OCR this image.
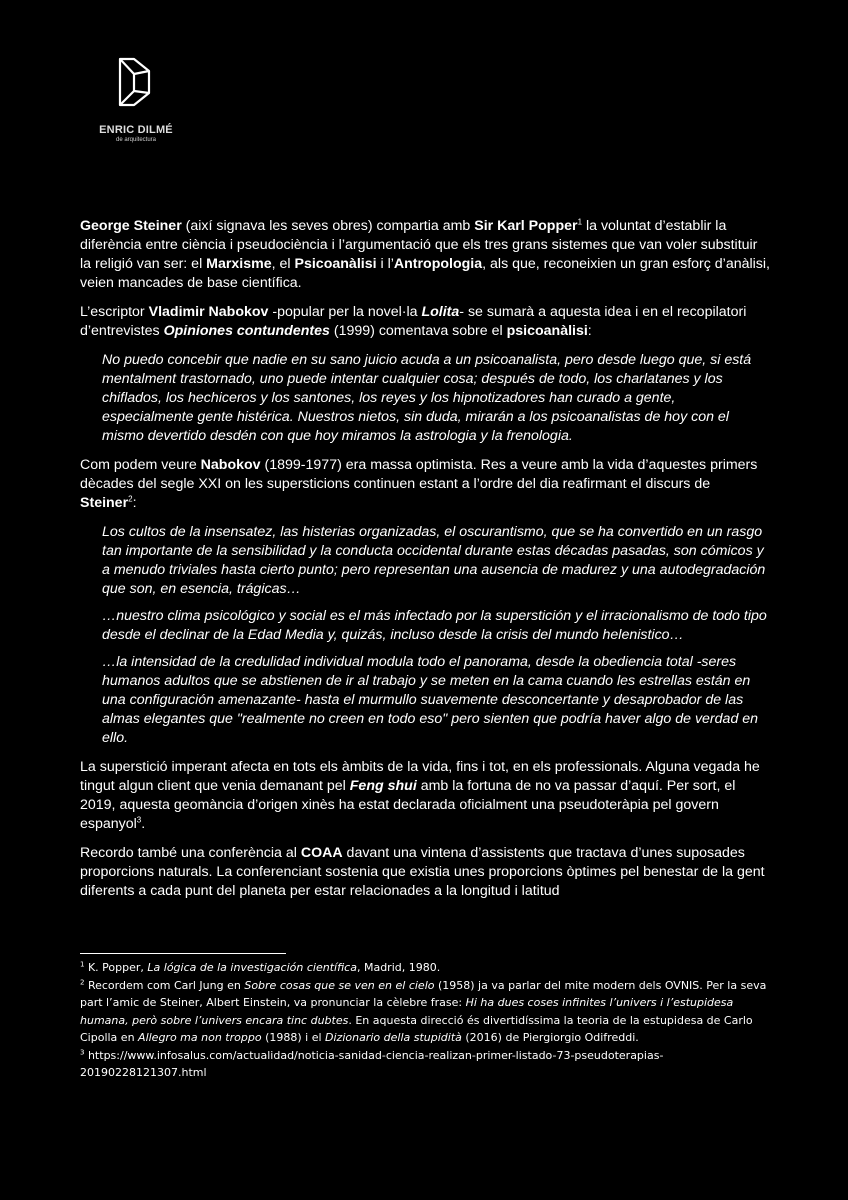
ENRIC DILMÉ
de arquitectura

George Steiner (així signava les seves obres) compartia amb Sir Karl Popper$^1$ la voluntat d’establir la diferència entre ciència i pseudociència i l’argumentació que els tres grans sistemes que van voler substituir la religió van ser: el Marxisme, el Psicoanàlisi i l’Antropologia, als que, reconeixien un gran esforç d’anàlisi, veien mancades de base científica.

L’escriptor Vladimir Nabokov -popular per la novel·la Lolita- se sumarà a aquesta idea i en el recopilatori d’entrevistes Opiniones contundentes (1999) comentava sobre el psicoanàlisi:

No puedo concebir que nadie en su sano juicio acuda a un psicoanalista, pero desde luego que, si está mentalment trastornado, uno puede intentar cualquier cosa; después de todo, los charlatanes y los chiflados, los hechiceros y los santones, los reyes y los hipnotizadores han curado a gente, especialmente gente histérica. Nuestros nietos, sin duda, mirarán a los psicoanalistas de hoy con el mismo devertido desdén con que hoy miramos la astrologia y la frenologia.

Com podem veure Nabokov (1899-1977) era massa optimista. Res a veure amb la vida d’aquestes primers dècades del segle XXI on les supersticions continuen estant a l’ordre del dia reafirmant el discurs de Steiner$^2$:

Los cultos de la insensatez, las histerias organizadas, el oscurantismo, que se ha convertido en un rasgo tan importante de la sensibilidad y la conducta occidental durante estas décadas pasadas, son cómicos y a menudo triviales hasta cierto punto; pero representan una ausencia de madurez y una autodegradación que son, en esencia, trágicas…

…nuestro clima psicológico y social es el más infectado por la superstición y el irracionalismo de todo tipo desde el declinar de la Edad Media y, quizás, incluso desde la crisis del mundo helenistico…

…la intensidad de la credulidad individual modula todo el panorama, desde la obediencia total -seres humanos adultos que se abstienen de ir al trabajo y se meten en la cama cuando les estrellas están en una configuración amenazante- hasta el murmullo suavemente desconcertante y desaprobador de las almas elegantes que "realmente no creen en todo eso" pero sienten que podría haver algo de verdad en ello.

La superstició imperant afecta en tots els àmbits de la vida, fins i tot, en els professionals. Alguna vegada he tingut algun client que venia demanant pel Feng shui amb la fortuna de no va passar d’aquí. Per sort, el 2019, aquesta geomància d’origen xinès ha estat declarada oficialment una pseudoteràpia pel govern espanyol$^3$.

Recordo també una conferència al COAA davant una vintena d’assistents que tractava d’unes suposades proporcions naturals. La conferenciant sostenia que existia unes proporcions òptimes pel benestar de la gent diferents a cada punt del planeta per estar relacionades a la longitud i latitud

$^1$ K. Popper, La lógica de la investigación científica, Madrid, 1980.

$^2$ Recordem com Carl Jung en Sobre cosas que se ven en el cielo (1958) ja va parlar del mite modern dels OVNIS. Per la seva part l’amic de Steiner, Albert Einstein, va pronunciar la cèlebre frase: Hi ha dues coses infinites l’univers i l’estupidesa humana, però sobre l’univers encara tinc dubtes. En aquesta direcció és divertidíssima la teoria de la estupidesa de Carlo Cipolla en Allegro ma non troppo (1988) i el Dizionario della stupidità (2016) de Piergiorgio Odifreddi.

$^3$ https://www.infosalus.com/actualidad/noticia-sanidad-ciencia-realizan-primer-listado-73-pseudoterapias-20190228121307.html
